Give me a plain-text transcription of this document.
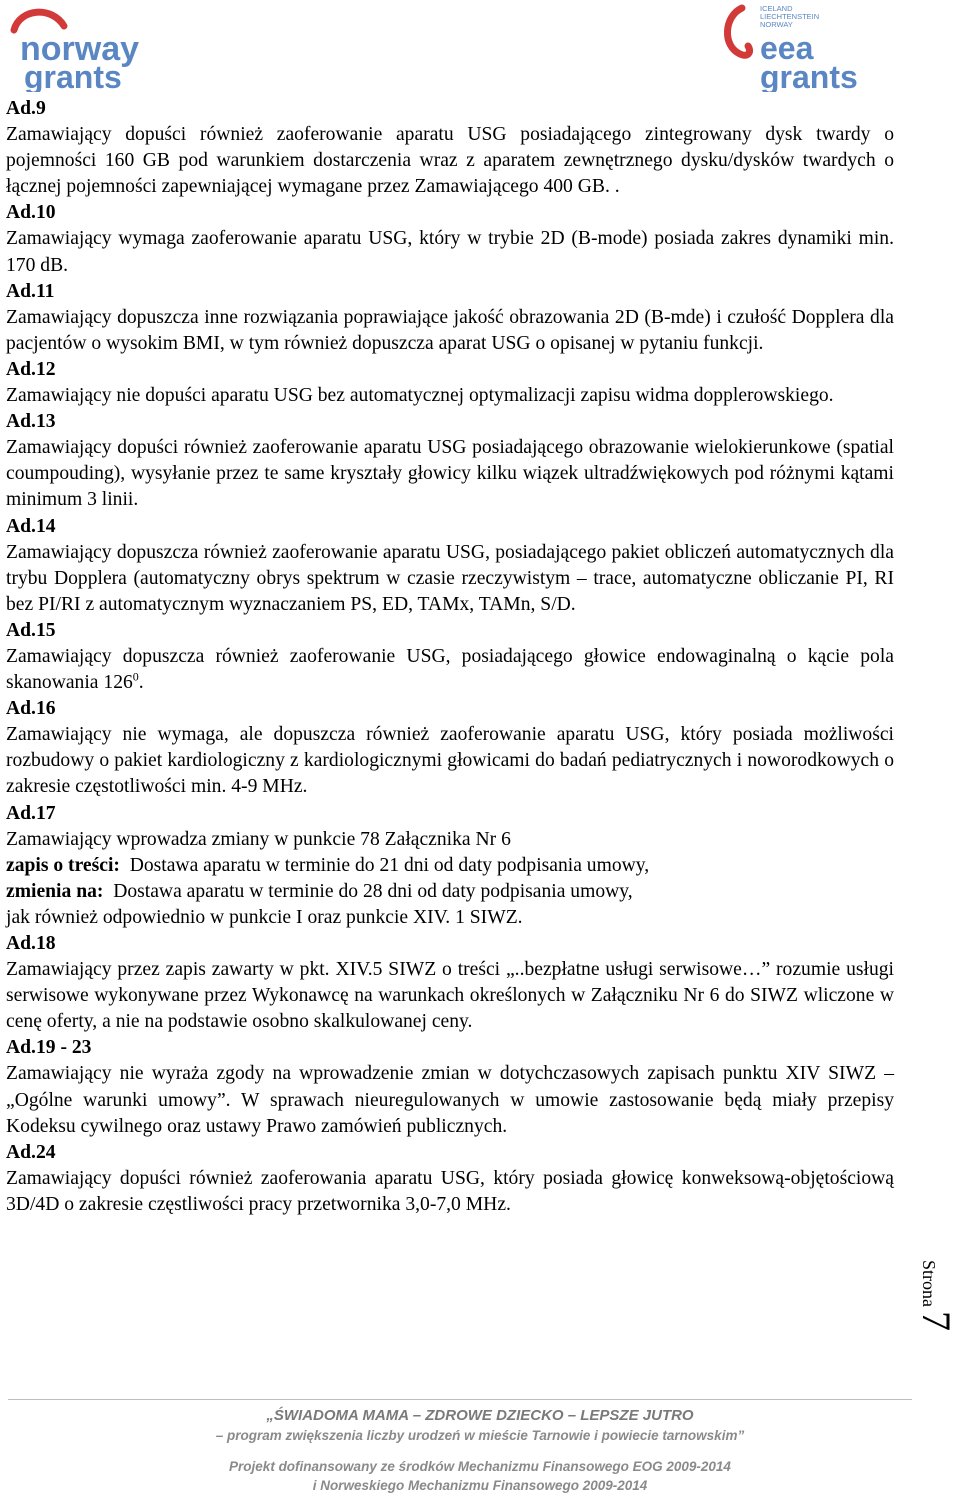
norway
grants
ICELAND
LIECHTENSTEIN
NORWAY
eea
grants

Ad.9

Zamawiający dopuści również zaoferowanie aparatu USG posiadającego zintegrowany dysk twardy o pojemności 160 GB pod warunkiem dostarczenia wraz z aparatem zewnętrznego dysku/dysków twardych o łącznej pojemności zapewniającej wymagane przez Zamawiającego 400 GB. .

Ad.10

Zamawiający wymaga zaoferowanie aparatu USG, który w trybie 2D (B-mode) posiada zakres dynamiki min. 170 dB.

Ad.11

Zamawiający dopuszcza inne rozwiązania poprawiające jakość obrazowania 2D (B-mde) i czułość Dopplera dla pacjentów o wysokim BMI, w tym również dopuszcza aparat USG o opisanej w pytaniu funkcji.

Ad.12

Zamawiający nie dopuści aparatu USG bez automatycznej optymalizacji zapisu widma dopplerowskiego.

Ad.13

Zamawiający dopuści również zaoferowanie aparatu USG posiadającego obrazowanie wielokierunkowe (spatial coumpouding), wysyłanie przez te same kryształy głowicy kilku wiązek ultradźwiękowych pod różnymi kątami minimum 3 linii.

Ad.14

Zamawiający dopuszcza również zaoferowanie aparatu USG, posiadającego pakiet obliczeń automatycznych dla trybu Dopplera (automatyczny obrys spektrum w czasie rzeczywistym – trace, automatyczne obliczanie PI, RI bez PI/RI z automatycznym wyznaczaniem PS, ED, TAMx, TAMn, S/D.

Ad.15

Zamawiający dopuszcza również zaoferowanie USG, posiadającego głowice endowaginalną o kącie pola skanowania $126^0$.

Ad.16

Zamawiający nie wymaga, ale dopuszcza również zaoferowanie aparatu USG, który posiada możliwości rozbudowy o pakiet kardiologiczny z kardiologicznymi głowicami do badań pediatrycznych i noworodkowych o zakresie częstotliwości min. 4-9 MHz.

Ad.17

Zamawiający wprowadza zmiany w punkcie 78 Załącznika Nr 6

zapis o treści: Dostawa aparatu w terminie do 21 dni od daty podpisania umowy,

zmienia na: Dostawa aparatu w terminie do 28 dni od daty podpisania umowy,

jak również odpowiednio w punkcie I oraz punkcie XIV. 1 SIWZ.

Ad.18

Zamawiający przez zapis zawarty w pkt. XIV.5 SIWZ o treści „..bezpłatne usługi serwisowe…” rozumie usługi serwisowe wykonywane przez Wykonawcę na warunkach określonych w Załączniku Nr 6 do SIWZ wliczone w cenę oferty, a nie na podstawie osobno skalkulowanej ceny.

Ad.19 - 23

Zamawiający nie wyraża zgody na wprowadzenie zmian w dotychczasowych zapisach punktu XIV SIWZ – „Ogólne warunki umowy”. W sprawach nieuregulowanych w umowie zastosowanie będą miały przepisy Kodeksu cywilnego oraz ustawy Prawo zamówień publicznych.

Ad.24

Zamawiający dopuści również zaoferowania aparatu USG, który posiada głowicę konweksową-objętościową 3D/4D o zakresie częstliwości pracy przetwornika 3,0-7,0 MHz.

Strona 7
„ŚWIADOMA MAMA – ZDROWE DZIECKO – LEPSZE JUTRO
– program zwiększenia liczby urodzeń w mieście Tarnowie i powiecie tarnowskim”
Projekt dofinansowany ze środków Mechanizmu Finansowego EOG 2009-2014
i Norweskiego Mechanizmu Finansowego 2009-2014
